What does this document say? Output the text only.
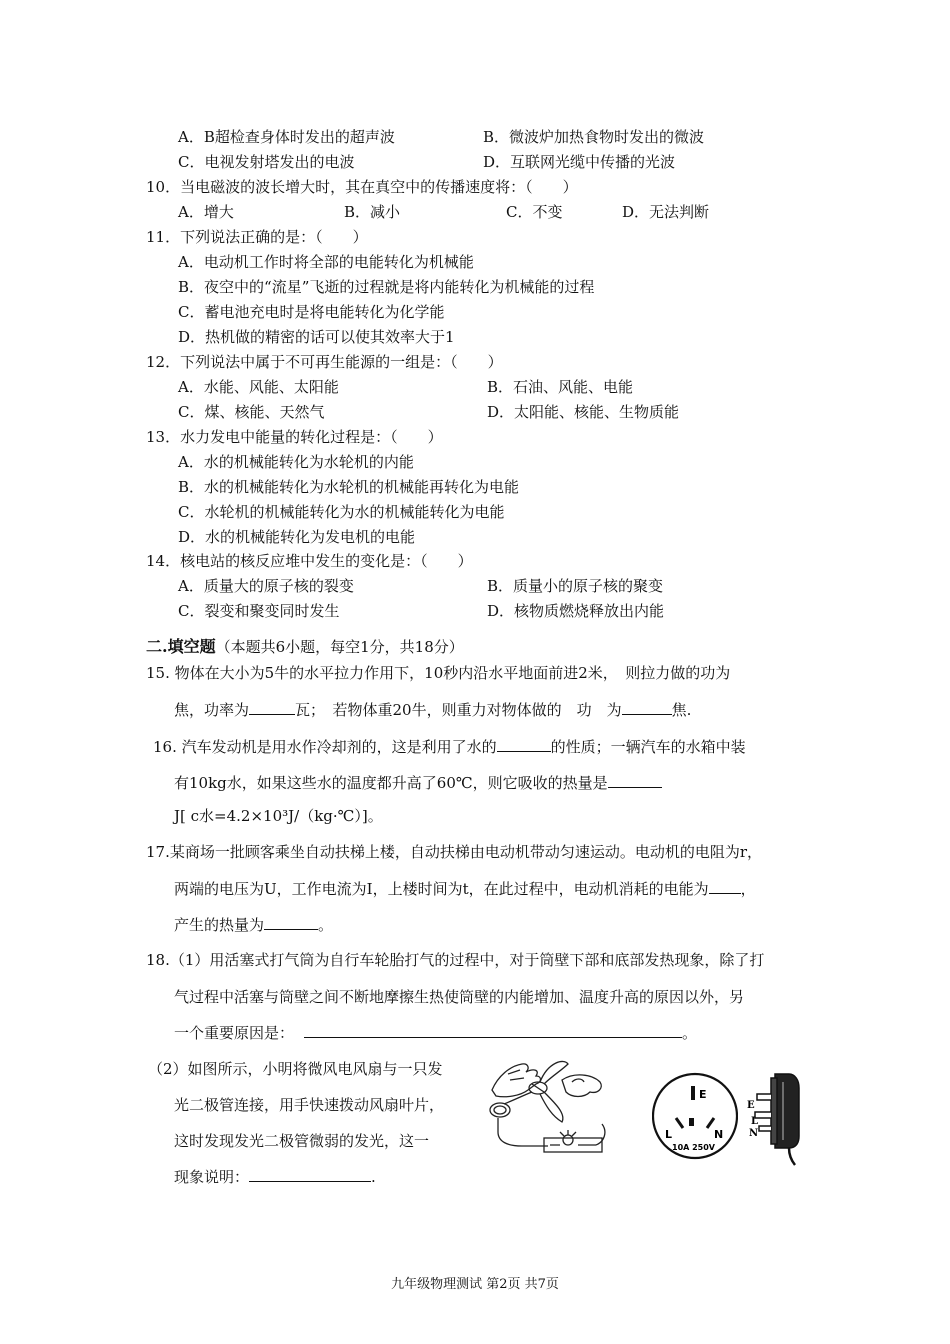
A．B超检查身体时发出的超声波	B．微波炉加热食物时发出的微波
C．电视发射塔发出的电波	D．互联网光缆中传播的光波
10．当电磁波的波长增大时，其在真空中的传播速度将：（　　）
A．增大	B．减小	C．不变	D．无法判断
11．下列说法正确的是：（　　）
A．电动机工作时将全部的电能转化为机械能
B．夜空中的“流星”飞逝的过程就是将内能转化为机械能的过程
C．蓄电池充电时是将电能转化为化学能
D．热机做的精密的话可以使其效率大于1
12．下列说法中属于不可再生能源的一组是：（　　）
A．水能、风能、太阳能	B．石油、风能、电能
C．煤、核能、天然气	D．太阳能、核能、生物质能
13．水力发电中能量的转化过程是：（　　）
A．水的机械能转化为水轮机的内能
B．水的机械能转化为水轮机的机械能再转化为电能
C．水轮机的机械能转化为水的机械能转化为电能
D．水的机械能转化为发电机的电能
14．核电站的核反应堆中发生的变化是：（　　）
A．质量大的原子核的裂变	B．质量小的原子核的聚变
C．裂变和聚变同时发生	D．核物质燃烧释放出内能
二.填空题（本题共6小题，每空1分，共18分）
15. 物体在大小为5牛的水平拉力作用下，10秒内沿水平地面前进2米，　则拉力做的功为
焦，功率为	瓦；　若物体重20牛，则重力对物体做的　功　为	焦.
16. 汽车发动机是用水作冷却剂的，这是利用了水的	的性质；一辆汽车的水箱中装
有10kg水，如果这些水的温度都升高了60℃，则它吸收的热量是
J[ c水=4.2×10³J/（kg·℃）]。
17.某商场一批顾客乘坐自动扶梯上楼，自动扶梯由电动机带动匀速运动。电动机的电阻为r，
两端的电压为U，工作电流为I，上楼时间为t，在此过程中，电动机消耗的电能为 ，
产生的热量为	。
18.（1）用活塞式打气筒为自行车轮胎打气的过程中，对于筒壁下部和底部发热现象，除了打
气过程中活塞与筒壁之间不断地摩擦生热使筒壁的内能增加、温度升高的原因以外，另
一个重要原因是：	。
（2）如图所示，小明将微风电风扇与一只发
光二极管连接，用手快速拨动风扇叶片，
这时发现发光二极管微弱的发光，这一
现象说明：	.
E
L	N
10A 250V
E
L
N
九年级物理测试 第2页 共7页
